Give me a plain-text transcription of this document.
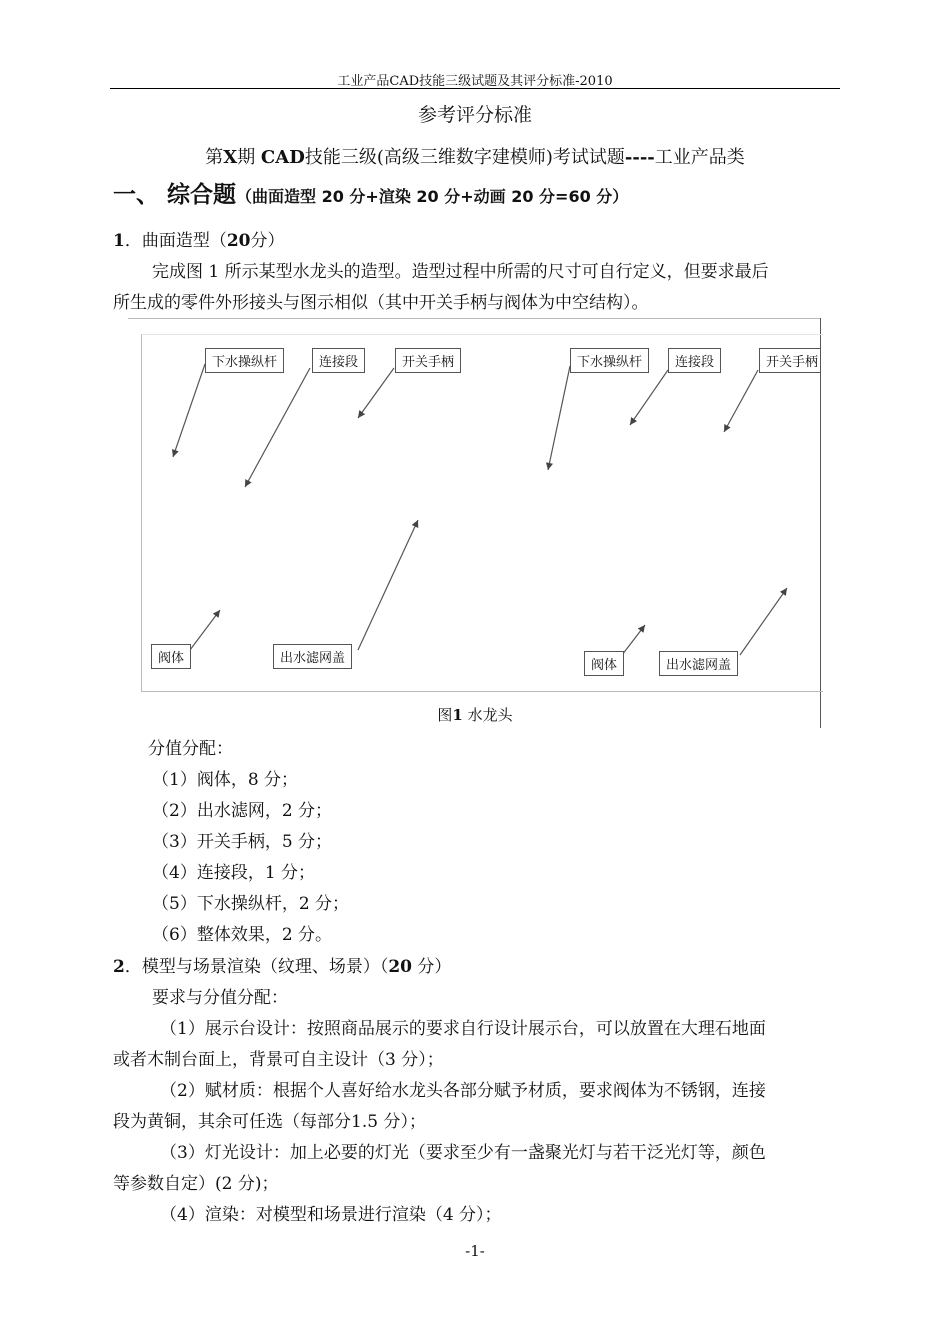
工业产品CAD技能三级试题及其评分标准-2010
参考评分标准
第X期 CAD技能三级(高级三维数字建模师)考试试题----工业产品类
一、 综合题（曲面造型 20 分+渲染 20 分+动画 20 分=60 分）
1．曲面造型（20分）
完成图 1 所示某型水龙头的造型。造型过程中所需的尺寸可自行定义，但要求最后
所生成的零件外形接头与图示相似（其中开关手柄与阀体为中空结构）。
下水操纵杆	连接段	开关手柄
阀体	出水滤网盖
下水操纵杆	连接段	开关手柄
阀体	出水滤网盖
图1 水龙头
分值分配：
（1）阀体，8 分；
（2）出水滤网，2 分；
（3）开关手柄，5 分；
（4）连接段，1 分；
（5）下水操纵杆，2 分；
（6）整体效果，2 分。
2．模型与场景渲染（纹理、场景）（20 分）
要求与分值分配：
（1）展示台设计：按照商品展示的要求自行设计展示台，可以放置在大理石地面
或者木制台面上，背景可自主设计（3 分）；
（2）赋材质：根据个人喜好给水龙头各部分赋予材质，要求阀体为不锈钢，连接
段为黄铜，其余可任选（每部分1.5 分）；
（3）灯光设计：加上必要的灯光（要求至少有一盏聚光灯与若干泛光灯等，颜色
等参数自定）(2 分)；
（4）渲染：对模型和场景进行渲染（4 分）；
-1-
